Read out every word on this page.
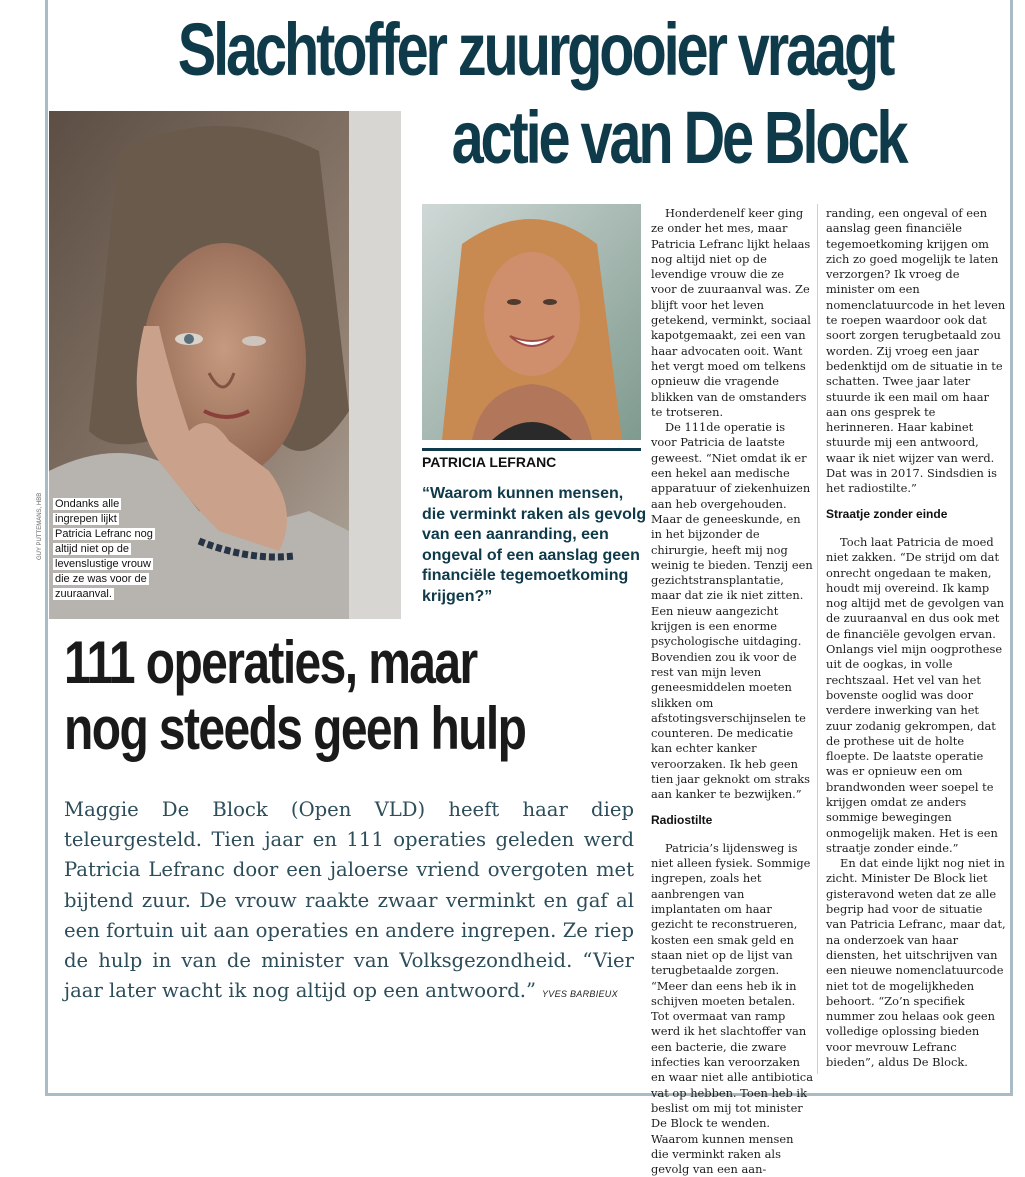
Slachtoffer zuurgooier vraagt

actie van De Block
Ondanks alle ingrepen lijkt Patricia Lefranc nog altijd niet op de levenslustige vrouw die ze was voor de zuuraanval.
GUY PUTTEMANS, HBB
PATRICIA LEFRANC
“Waarom kunnen mensen, die verminkt raken als gevolg van een aanranding, een ongeval of een aanslag geen financiële tegemoetkoming krijgen?”
111 operaties, maar
nog steeds geen hulp
Maggie De Block (Open VLD) heeft haar diep teleurgesteld. Tien jaar en 111 operaties geleden werd Patricia Lefranc door een jaloerse vriend overgoten met bijtend zuur. De vrouw raakte zwaar verminkt en gaf al een fortuin uit aan operaties en andere ingrepen. Ze riep de hulp in van de minister van Volksgezondheid. “Vier jaar later wacht ik nog altijd op een antwoord.” YVES BARBIEUX

Honderdenelf keer ging ze onder het mes, maar Patricia Lefranc lijkt helaas nog altijd niet op de levendige vrouw die ze voor de zuuraanval was. Ze blijft voor het leven getekend, verminkt, sociaal kapotgemaakt, zei een van haar advocaten ooit. Want het vergt moed om telkens opnieuw die vragende blikken van de omstanders te trotseren.

De 111de operatie is voor Patricia de laatste geweest. “Niet omdat ik er een hekel aan medische apparatuur of ziekenhuizen aan heb overgehouden. Maar de geneeskunde, en in het bijzonder de chirurgie, heeft mij nog weinig te bieden. Tenzij een gezichtstransplantatie, maar dat zie ik niet zitten. Een nieuw aangezicht krijgen is een enorme psychologische uitdaging. Bovendien zou ik voor de rest van mijn leven geneesmiddelen moeten slikken om afstotingsverschijnselen te counteren. De medicatie kan echter kanker veroorzaken. Ik heb geen tien jaar geknokt om straks aan kanker te bezwijken.”

Radiostilte

Patricia’s lijdensweg is niet alleen fysiek. Sommige ingrepen, zoals het aanbrengen van implantaten om haar gezicht te reconstrueren, kosten een smak geld en staan niet op de lijst van terugbetaalde zorgen. “Meer dan eens heb ik in schijven moeten betalen. Tot overmaat van ramp werd ik het slachtoffer van een bacterie, die zware infecties kan veroorzaken en waar niet alle antibiotica vat op hebben. Toen heb ik beslist om mij tot minister De Block te wenden. Waarom kunnen mensen die verminkt raken als gevolg van een aan-

randing, een ongeval of een aanslag geen financiële tegemoetkoming krijgen om zich zo goed mogelijk te laten verzorgen? Ik vroeg de minister om een nomenclatuurcode in het leven te roepen waardoor ook dat soort zorgen terugbetaald zou worden. Zij vroeg een jaar bedenktijd om de situatie in te schatten. Twee jaar later stuurde ik een mail om haar aan ons gesprek te herinneren. Haar kabinet stuurde mij een antwoord, waar ik niet wijzer van werd. Dat was in 2017. Sindsdien is het radiostilte.”

Straatje zonder einde

Toch laat Patricia de moed niet zakken. “De strijd om dat onrecht ongedaan te maken, houdt mij overeind. Ik kamp nog altijd met de gevolgen van de zuuraanval en dus ook met de financiële gevolgen ervan. Onlangs viel mijn oogprothese uit de oogkas, in volle rechtszaal. Het vel van het bovenste ooglid was door verdere inwerking van het zuur zodanig gekrompen, dat de prothese uit de holte floepte. De laatste operatie was er opnieuw een om brandwonden weer soepel te krijgen omdat ze anders sommige bewegingen onmogelijk maken. Het is een straatje zonder einde.”

En dat einde lijkt nog niet in zicht. Minister De Block liet gisteravond weten dat ze alle begrip had voor de situatie van Patricia Lefranc, maar dat, na onderzoek van haar diensten, het uitschrijven van een nieuwe nomenclatuurcode niet tot de mogelijkheden behoort. “Zo’n specifiek nummer zou helaas ook geen volledige oplossing bieden voor mevrouw Lefranc bieden”, aldus De Block.
